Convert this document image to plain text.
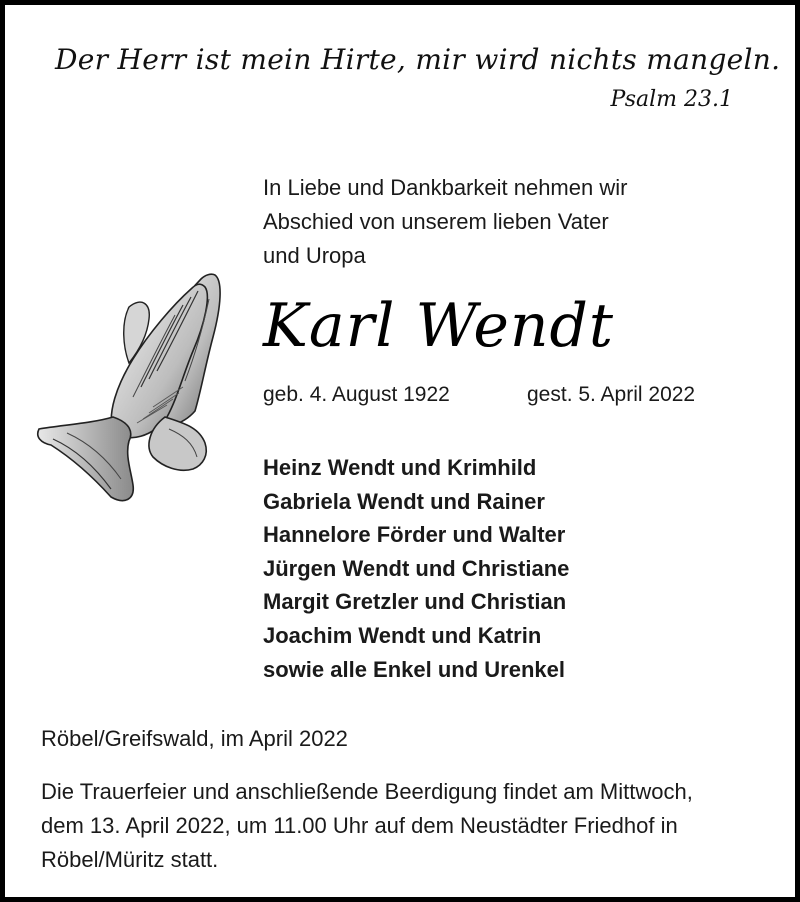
Der Herr ist mein Hirte, mir wird nichts mangeln.
Psalm 23.1
In Liebe und Dankbarkeit nehmen wir
Abschied von unserem lieben Vater
und Uropa
Karl Wendt
geb. 4. August 1922	gest. 5. April 2022
Heinz Wendt und Krimhild
Gabriela Wendt und Rainer
Hannelore Förder und Walter
Jürgen Wendt und Christiane
Margit Gretzler und Christian
Joachim Wendt und Katrin
sowie alle Enkel und Urenkel
Röbel/Greifswald, im April 2022
Die Trauerfeier und anschließende Beerdigung findet am Mittwoch,
dem 13. April 2022, um 11.00 Uhr auf dem Neustädter Friedhof in
Röbel/Müritz statt.
